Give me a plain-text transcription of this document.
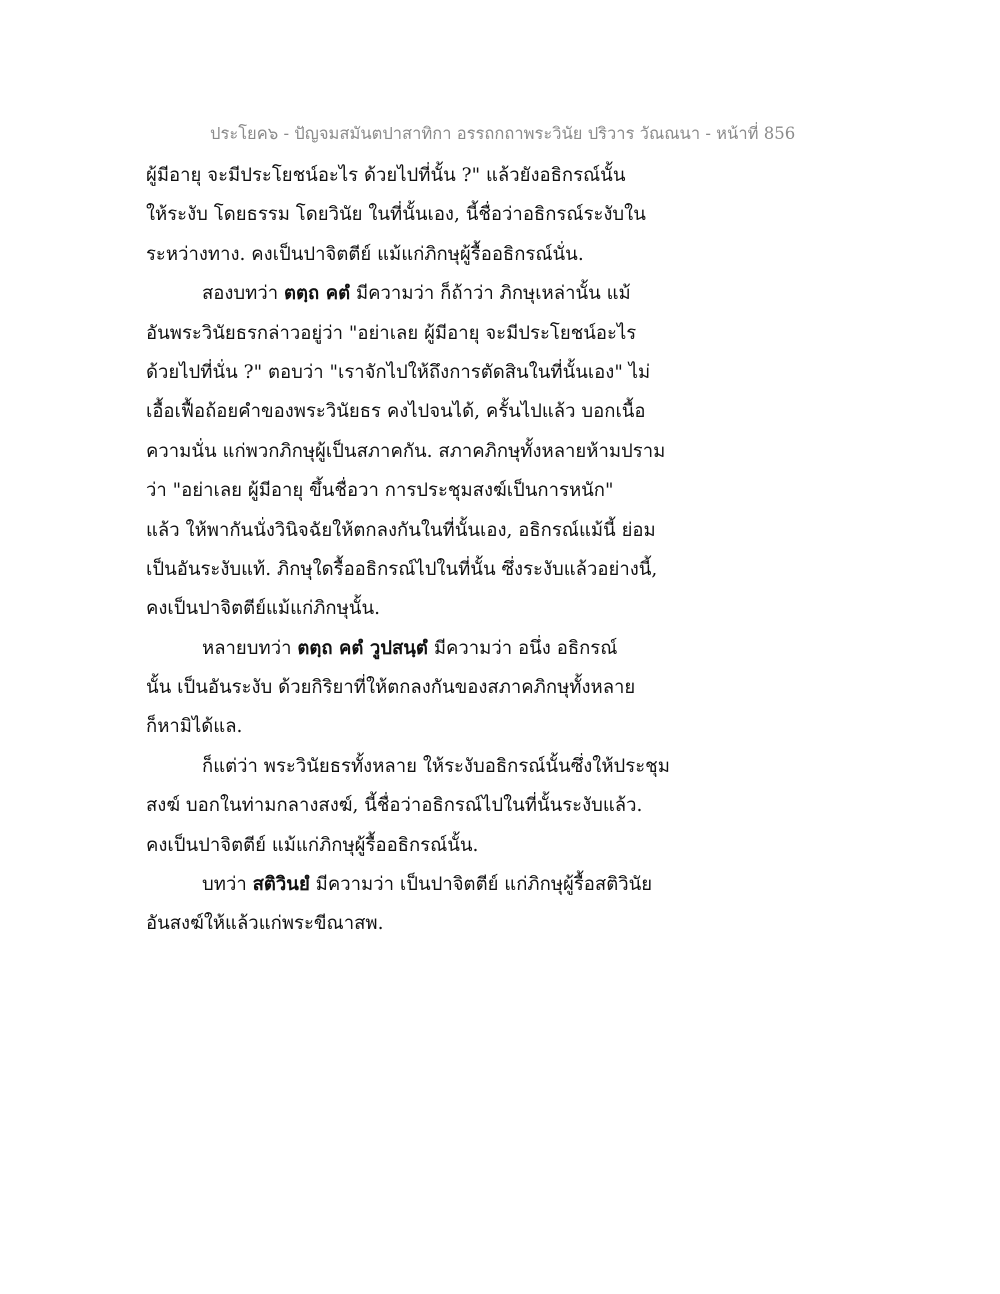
ประโยค๖ - ปัญจมสมันตปาสาทิกา อรรถกถาพระวินัย ปริวาร วัณณนา - หน้าที่ 856
ผู้มีอายุ จะมีประโยชน์อะไร ด้วยไปที่นั้น ?" แล้วยังอธิกรณ์นั้น
ให้ระงับ โดยธรรม โดยวินัย ในที่นั้นเอง, นี้ชื่อว่าอธิกรณ์ระงับใน
ระหว่างทาง. คงเป็นปาจิตตีย์ แม้แก่ภิกษุผู้รื้ออธิกรณ์นั่น.
สองบทว่า ตตฺถ คตํ มีความว่า ก็ถ้าว่า ภิกษุเหล่านั้น แม้
อันพระวินัยธรกล่าวอยู่ว่า "อย่าเลย ผู้มีอายุ จะมีประโยชน์อะไร
ด้วยไปที่นั่น ?" ตอบว่า "เราจักไปให้ถึงการตัดสินในที่นั้นเอง" ไม่
เอื้อเฟื้อถ้อยคำของพระวินัยธร คงไปจนได้, ครั้นไปแล้ว บอกเนื้อ
ความนั่น แก่พวกภิกษุผู้เป็นสภาคกัน. สภาคภิกษุทั้งหลายห้ามปราม
ว่า "อย่าเลย ผู้มีอายุ ขึ้นชื่อวา การประชุมสงฆ์เป็นการหนัก"
แล้ว ให้พากันนั่งวินิจฉัยให้ตกลงกันในที่นั้นเอง, อธิกรณ์แม้นี้ ย่อม
เป็นอันระงับแท้. ภิกษุใดรื้ออธิกรณ์ไปในที่นั้น ซึ่งระงับแล้วอย่างนี้,
คงเป็นปาจิตตีย์แม้แก่ภิกษุนั้น.
หลายบทว่า ตตฺถ คตํ วูปสนฺตํ มีความว่า อนึ่ง อธิกรณ์
นั้น เป็นอันระงับ ด้วยกิริยาที่ให้ตกลงกันของสภาคภิกษุทั้งหลาย
ก็หามิได้แล.
ก็แต่ว่า พระวินัยธรทั้งหลาย ให้ระงับอธิกรณ์นั้นซึ่งให้ประชุม
สงฆ์ บอกในท่ามกลางสงฆ์, นี้ชื่อว่าอธิกรณ์ไปในที่นั้นระงับแล้ว.
คงเป็นปาจิตตีย์ แม้แก่ภิกษุผู้รื้ออธิกรณ์นั้น.
บทว่า สติวินยํ มีความว่า เป็นปาจิตตีย์ แก่ภิกษุผู้รื้อสติวินัย
อันสงฆ์ให้แล้วแก่พระขีณาสพ.
